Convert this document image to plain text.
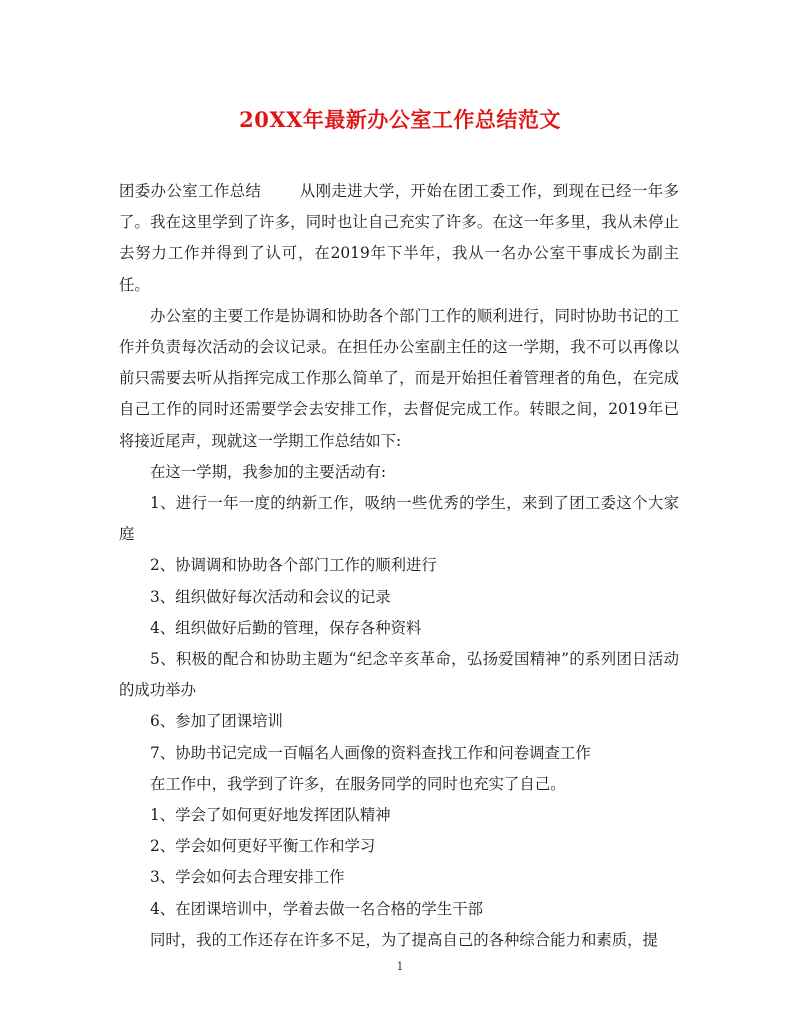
20XX年最新办公室工作总结范文

团委办公室工作总结 从刚走进大学，开始在团工委工作，到现在已经一年多了。我在这里学到了许多，同时也让自己充实了许多。在这一年多里，我从未停止去努力工作并得到了认可，在2019年下半年，我从一名办公室干事成长为副主任。

办公室的主要工作是协调和协助各个部门工作的顺利进行，同时协助书记的工作并负责每次活动的会议记录。在担任办公室副主任的这一学期，我不可以再像以前只需要去听从指挥完成工作那么简单了，而是开始担任着管理者的角色，在完成自己工作的同时还需要学会去安排工作，去督促完成工作。转眼之间，2019年已将接近尾声，现就这一学期工作总结如下:

在这一学期，我参加的主要活动有:

1、进行一年一度的纳新工作，吸纳一些优秀的学生，来到了团工委这个大家庭

2、协调调和协助各个部门工作的顺利进行

3、组织做好每次活动和会议的记录

4、组织做好后勤的管理，保存各种资料

5、积极的配合和协助主题为“纪念辛亥革命，弘扬爱国精神”的系列团日活动的成功举办

6、参加了团课培训

7、协助书记完成一百幅名人画像的资料查找工作和问卷调查工作

在工作中，我学到了许多，在服务同学的同时也充实了自己。

1、学会了如何更好地发挥团队精神

2、学会如何更好平衡工作和学习

3、学会如何去合理安排工作

4、在团课培训中，学着去做一名合格的学生干部

同时，我的工作还存在许多不足，为了提高自己的各种综合能力和素质，提

1
